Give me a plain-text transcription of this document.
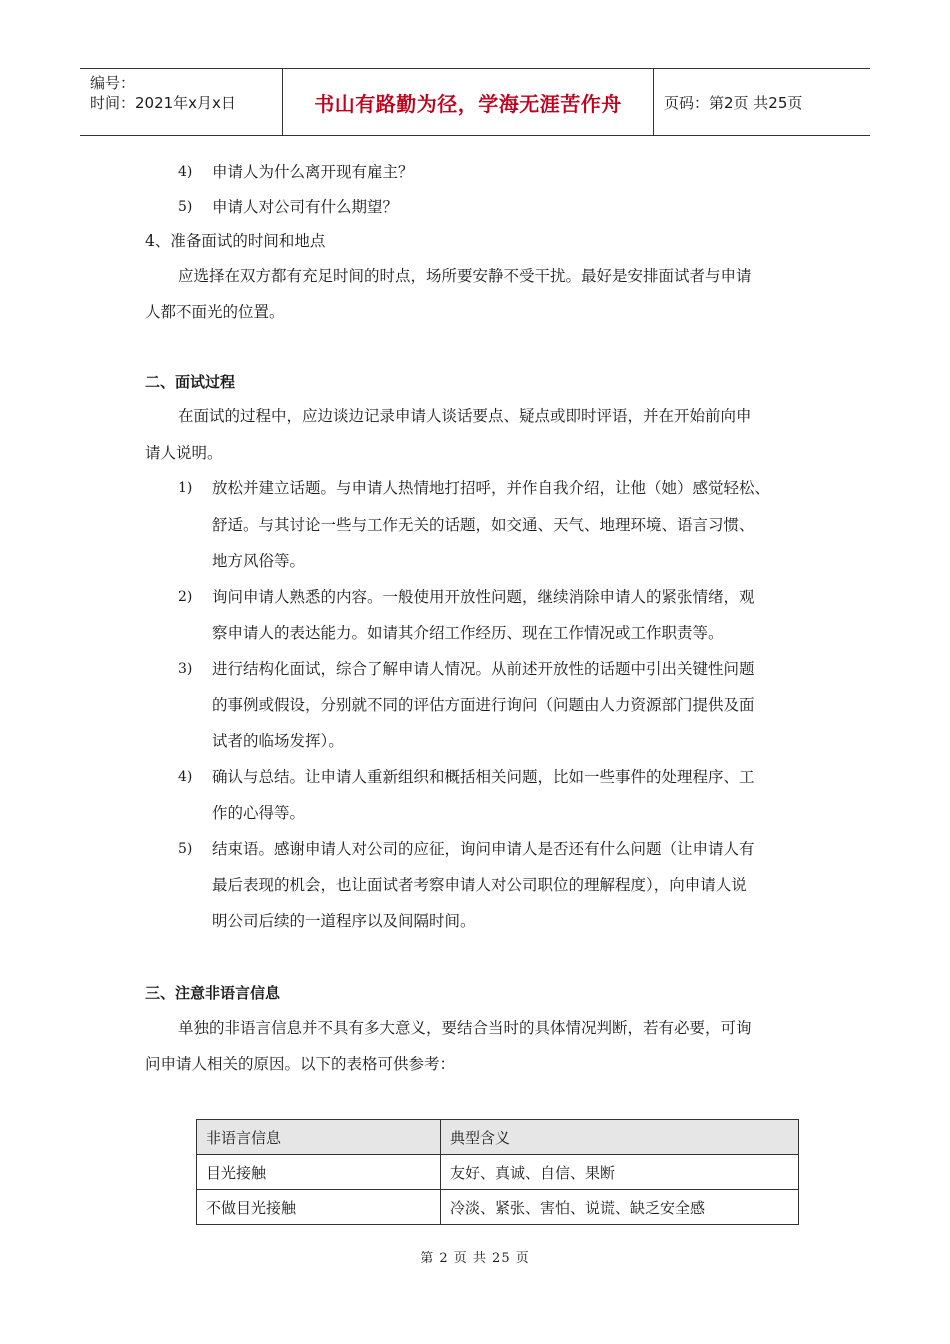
编号：
时间：2021年x月x日	书山有路勤为径，学海无涯苦作舟	页码：第2页 共25页
4) 申请人为什么离开现有雇主？
5) 申请人对公司有什么期望？
4、准备面试的时间和地点
应选择在双方都有充足时间的时点，场所要安静不受干扰。最好是安排面试者与申请
人都不面光的位置。
二、面试过程
在面试的过程中，应边谈边记录申请人谈话要点、疑点或即时评语，并在开始前向申
请人说明。
1) 放松并建立话题。与申请人热情地打招呼，并作自我介绍，让他（她）感觉轻松、
舒适。与其讨论一些与工作无关的话题，如交通、天气、地理环境、语言习惯、
地方风俗等。
2) 询问申请人熟悉的内容。一般使用开放性问题，继续消除申请人的紧张情绪，观
察申请人的表达能力。如请其介绍工作经历、现在工作情况或工作职责等。
3) 进行结构化面试，综合了解申请人情况。从前述开放性的话题中引出关键性问题
的事例或假设，分别就不同的评估方面进行询问（问题由人力资源部门提供及面
试者的临场发挥）。
4) 确认与总结。让申请人重新组织和概括相关问题，比如一些事件的处理程序、工
作的心得等。
5) 结束语。感谢申请人对公司的应征，询问申请人是否还有什么问题（让申请人有
最后表现的机会，也让面试者考察申请人对公司职位的理解程度），向申请人说
明公司后续的一道程序以及间隔时间。
三、注意非语言信息
单独的非语言信息并不具有多大意义，要结合当时的具体情况判断，若有必要，可询
问申请人相关的原因。以下的表格可供参考：
非语言信息	典型含义
目光接触	友好、真诚、自信、果断
不做目光接触	冷淡、紧张、害怕、说谎、缺乏安全感
第 2 页 共 25 页
